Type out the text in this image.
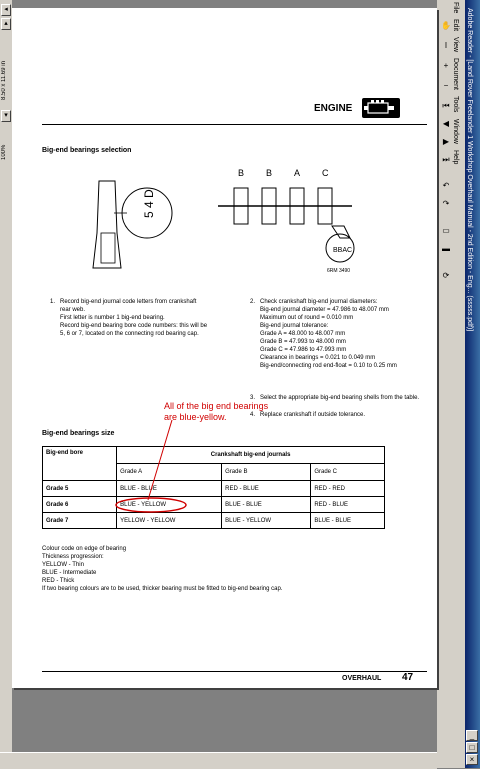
◂
▴
8.50 x 11.69 in
▾
100%
✋
I
+
−
⏮
◀
▶
⏭
↶
↷
▭
▬
⟳
File
Edit
View
Document
Tools
Window
Help Adobe Reader - [Land Rover Freelander 1 Workshop Overhaul Manual - 2nd Edition - Eng... (sssss.pdf)]
_
□
×
ENGINE
Big-end bearings selection
5 4 D
B B A C
BBAC
6RM 3490
1. Record big-end journal code letters from crankshaft rear web.
First letter is number 1 big-end bearing.
Record big-end bearing bore code numbers: this will be 5, 6 or 7, located on the connecting rod bearing cap.
2. Check crankshaft big-end journal diameters:
Big-end journal diameter = 47.986 to 48.007 mm
Maximum out of round = 0.010 mm
Big-end journal tolerance:
Grade A = 48.000 to 48.007 mm
Grade B = 47.993 to 48.000 mm
Grade C = 47.986 to 47.993 mm
Clearance in bearings = 0.021 to 0.049 mm
Big-end/connecting rod end-float = 0.10 to 0.25 mm
3. Select the appropriate big-end bearing shells from the table.
4. Replace crankshaft if outside tolerance.
All of the big end bearings
are blue-yellow.
Big-end bearings size
Big-end bore	Crankshaft big-end journals		
	Grade A	Grade B	Grade C
Grade 5	BLUE - BLUE	RED - BLUE	RED - RED
Grade 6	BLUE - YELLOW	BLUE - BLUE	RED - BLUE
Grade 7	YELLOW - YELLOW	BLUE - YELLOW	BLUE - BLUE
Colour code on edge of bearing
Thickness progression:
YELLOW - Thin
BLUE - Intermediate
RED - Thick
If two bearing colours are to be used, thicker bearing must be fitted to big-end bearing cap.
OVERHAUL 47
